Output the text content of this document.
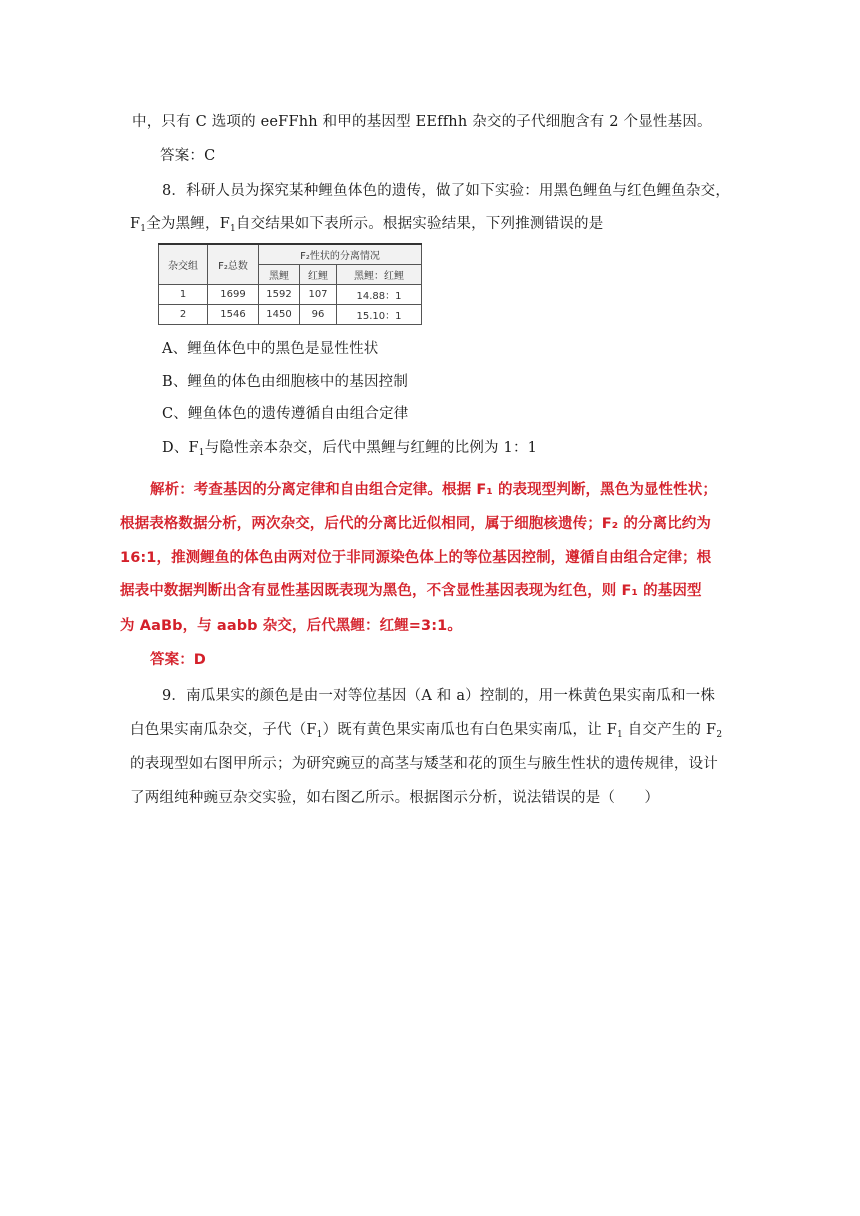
中，只有 C 选项的 eeFFhh 和甲的基因型 EEffhh 杂交的子代细胞含有 2 个显性基因。
答案：C
8．科研人员为探究某种鲤鱼体色的遗传，做了如下实验：用黑色鲤鱼与红色鲤鱼杂交，
$F_1$全为黑鲤，$F_1$自交结果如下表所示。根据实验结果，下列推测错误的是
杂交组	F₂总数	F₂性状的分离情况		
		黑鲤	红鲤	黑鲤：红鲤
1	1699	1592	107	14.88：1
2	1546	1450	96	15.10：1
A、鲤鱼体色中的黑色是显性性状
B、鲤鱼的体色由细胞核中的基因控制
C、鲤鱼体色的遗传遵循自由组合定律
D、$F_1$与隐性亲本杂交，后代中黑鲤与红鲤的比例为 1：1
解析：考查基因的分离定律和自由组合定律。根据 F₁ 的表现型判断，黑色为显性性状；
根据表格数据分析，两次杂交，后代的分离比近似相同，属于细胞核遗传；F₂ 的分离比约为
16:1，推测鲤鱼的体色由两对位于非同源染色体上的等位基因控制，遵循自由组合定律；根
据表中数据判断出含有显性基因既表现为黑色，不含显性基因表现为红色，则 F₁ 的基因型
为 AaBb，与 aabb 杂交，后代黑鲤：红鲤=3:1。
答案：D
9．南瓜果实的颜色是由一对等位基因（A 和 a）控制的，用一株黄色果实南瓜和一株
白色果实南瓜杂交，子代$(F_1)$既有黄色果实南瓜也有白色果实南瓜，让 $F_1$ 自交产生的 $F_2$
的表现型如右图甲所示；为研究豌豆的高茎与矮茎和花的顶生与腋生性状的遗传规律，设计
了两组纯种豌豆杂交实验，如右图乙所示。根据图示分析，说法错误的是（　　）
